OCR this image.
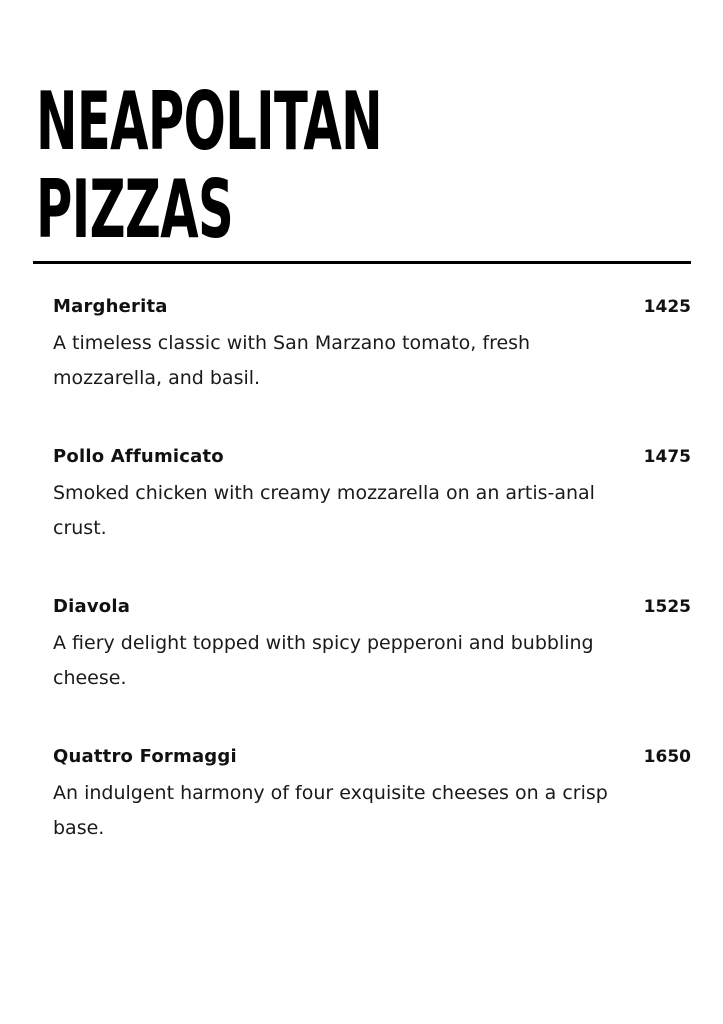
NEAPOLITAN
PIZZAS
Margherita	1425
A timeless classic with San Marzano tomato, fresh mozzarella, and basil.
Pollo Affumicato	1475
Smoked chicken with creamy mozzarella on an artis-anal crust.
Diavola	1525
A fiery delight topped with spicy pepperoni and bubbling cheese.
Quattro Formaggi	1650
An indulgent harmony of four exquisite cheeses on a crisp base.
